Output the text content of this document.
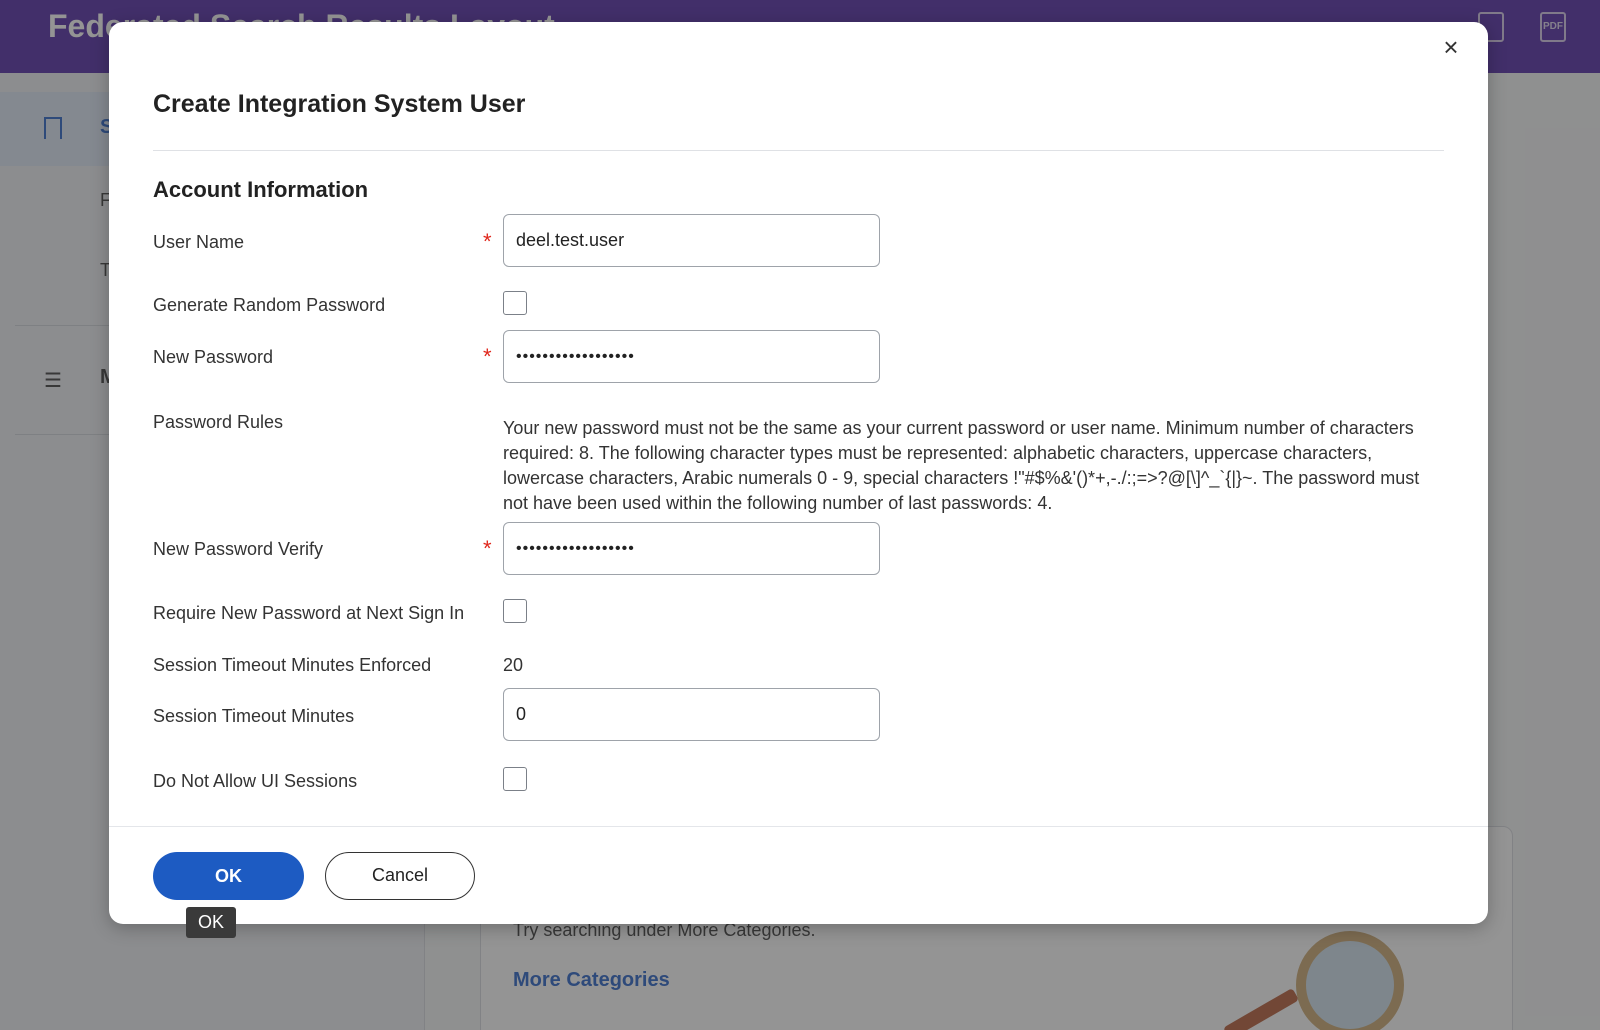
×
Create Integration System User
Account Information
User Name	*	deel.test.user
Generate Random Password
New Password	*	••••••••••••••••••
Password Rules	Your new password must not be the same as your current password or user name. Minimum number of characters required: 8. The following character types must be represented: alphabetic characters, uppercase characters, lowercase characters, Arabic numerals 0 - 9, special characters !"#$%&'()*+,-./:;=>?@[\]^_`{|}~. The password must not have been used within the following number of last passwords: 4.
New Password Verify	*	••••••••••••••••••
Require New Password at Next Sign In
Session Timeout Minutes Enforced	20
Session Timeout Minutes	0
Do Not Allow UI Sessions
OK	Cancel
OK
